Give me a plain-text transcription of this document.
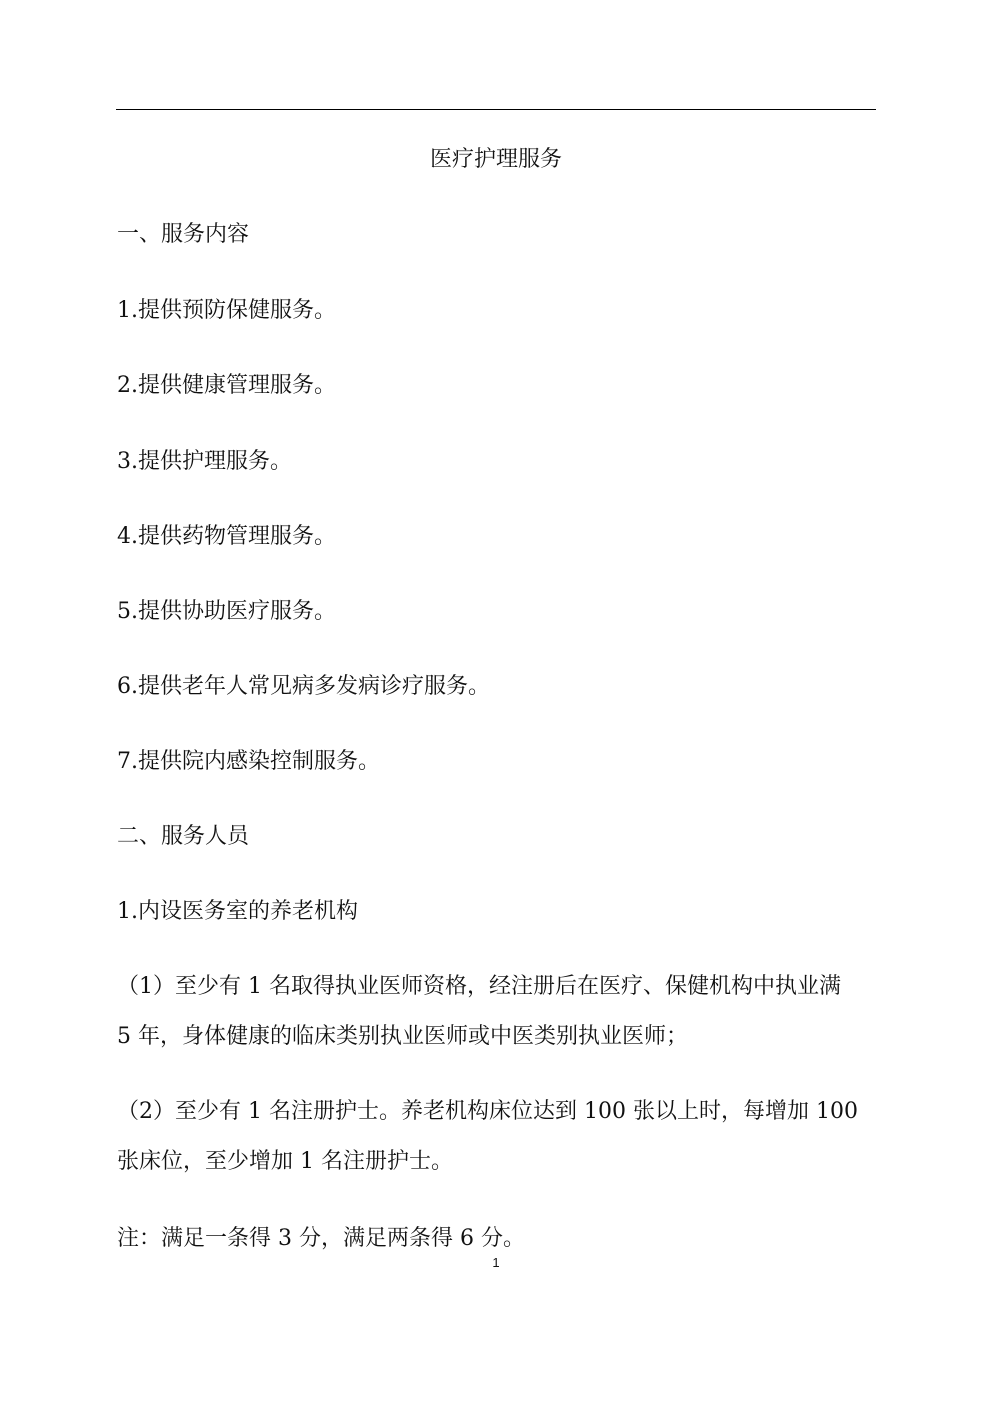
医疗护理服务
一、服务内容
1.提供预防保健服务。
2.提供健康管理服务。
3.提供护理服务。
4.提供药物管理服务。
5.提供协助医疗服务。
6.提供老年人常见病多发病诊疗服务。
7.提供院内感染控制服务。
二、服务人员
1.内设医务室的养老机构
（1）至少有 1 名取得执业医师资格，经注册后在医疗、保健机构中执业满
5 年，身体健康的临床类别执业医师或中医类别执业医师；
（2）至少有 1 名注册护士。养老机构床位达到 100 张以上时，每增加 100
张床位，至少增加 1 名注册护士。
注：满足一条得 3 分，满足两条得 6 分。
1
